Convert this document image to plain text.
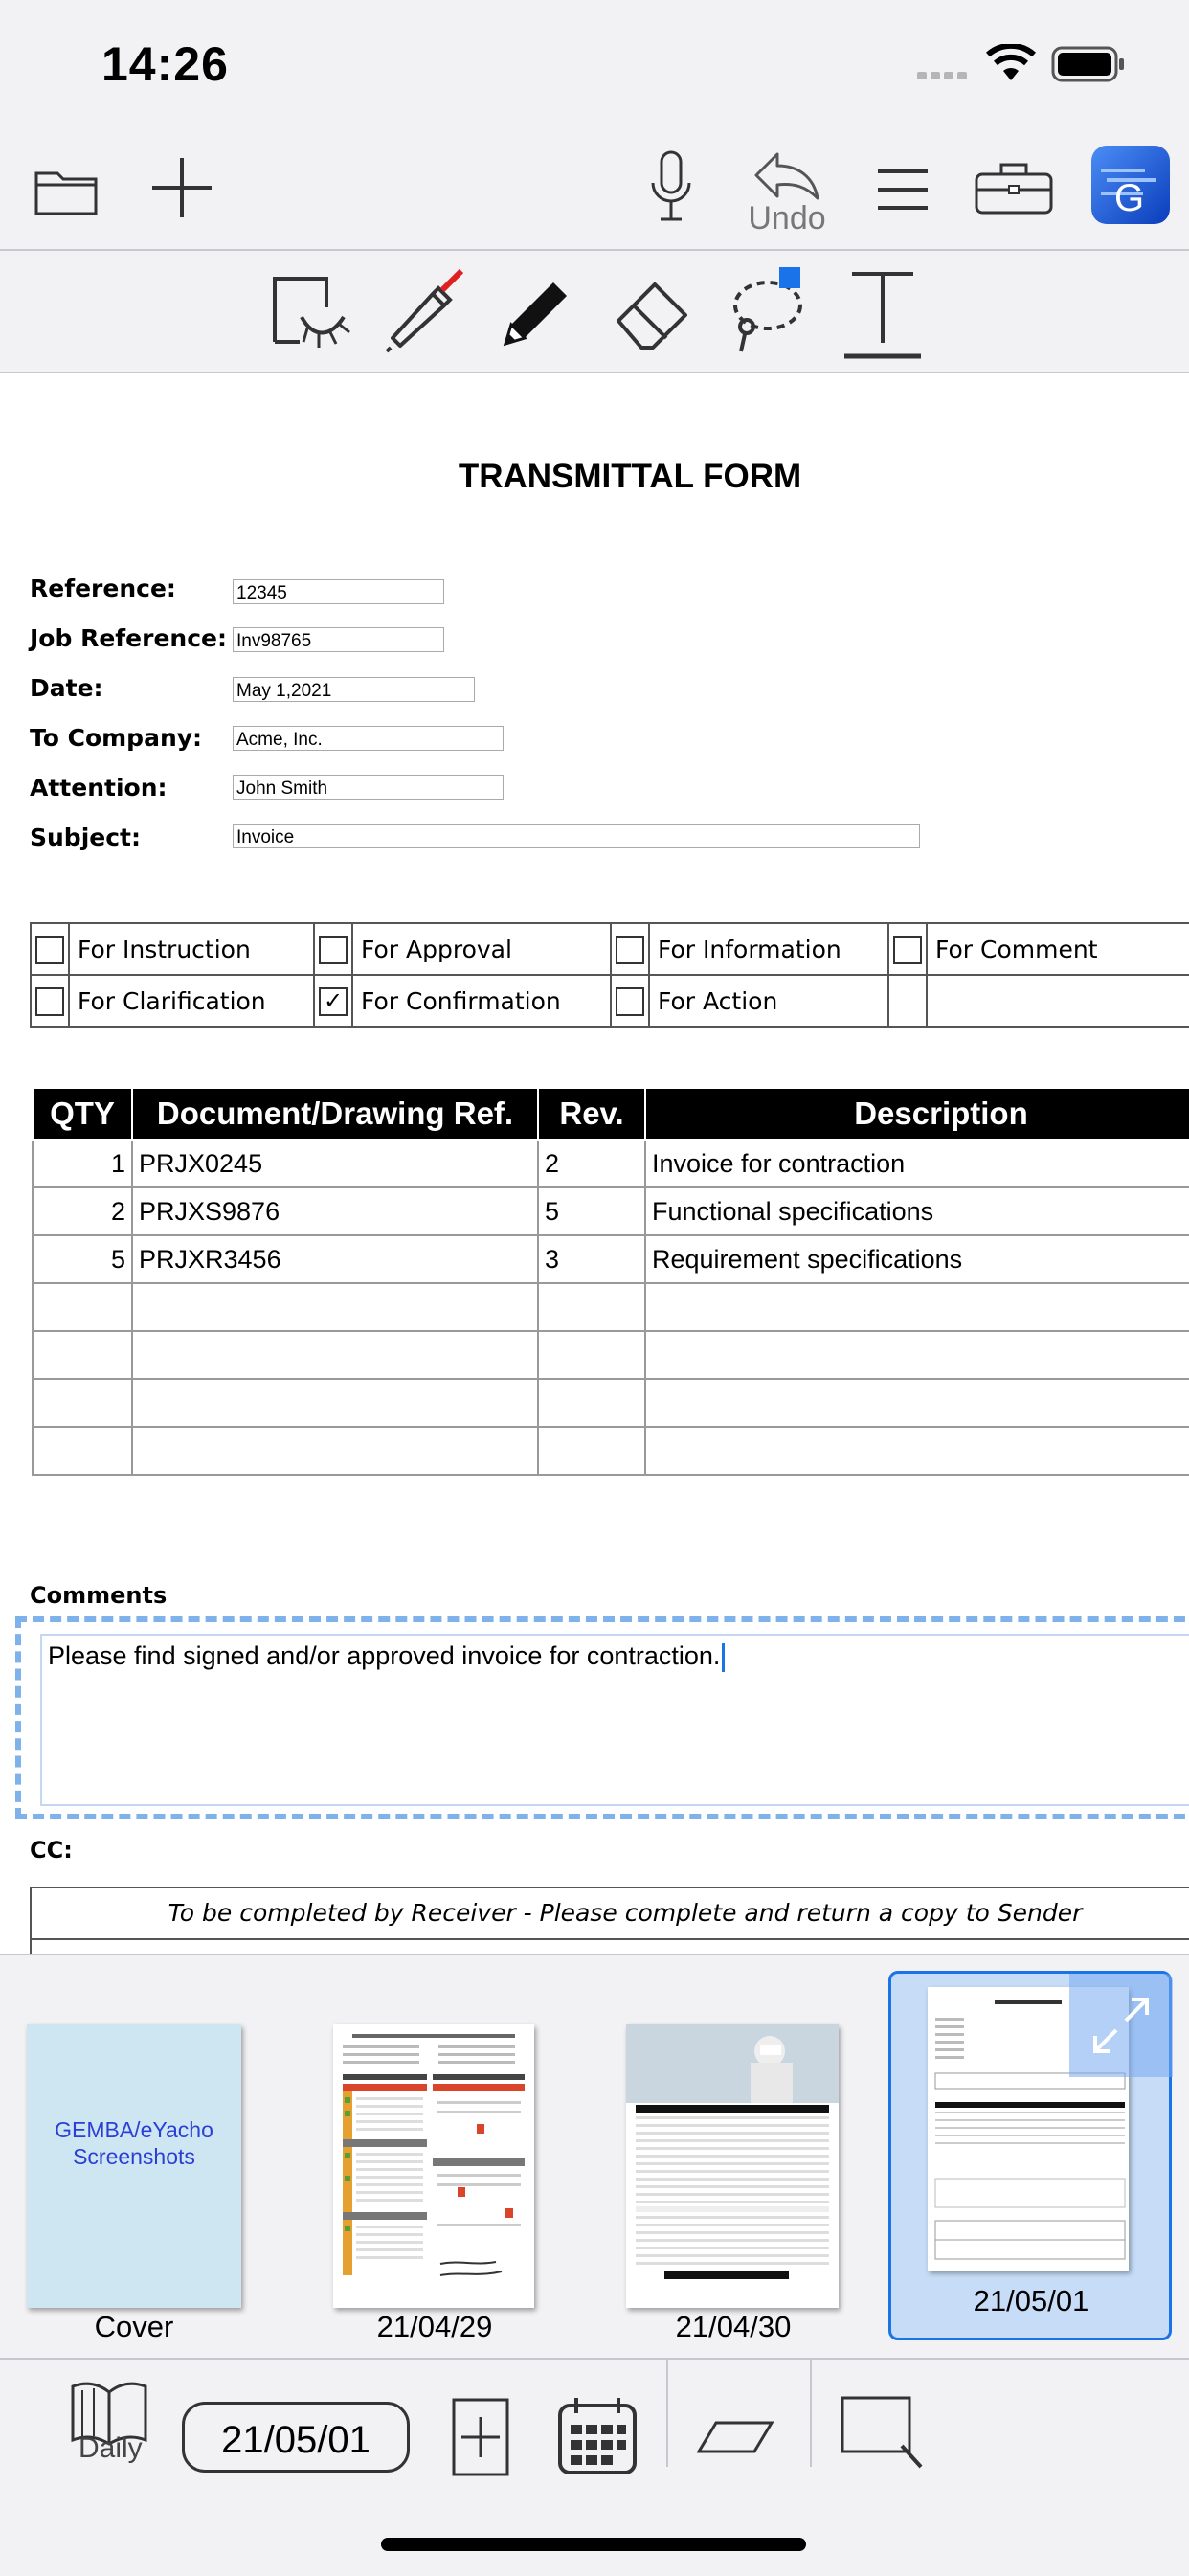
14:26
Undo	G
TRANSMITTAL FORM
Reference:	12345
Job Reference: Inv98765
Date:	May 1,2021
To Company: Acme, Inc.
Attention:	John Smith
Subject:	Invoice
	For Instruction		For Approval		For Information		For Comment
	For Clarification	✓	For Confirmation		For Action		
QTY	Document/Drawing Ref.	Rev.	Description
1	PRJX0245	2	Invoice for contraction
2	PRJXS9876	5	Functional specifications
5	PRJXR3456	3	Requirement specifications

Comments
Please find signed and/or approved invoice for contraction.
CC:
To be completed by Receiver - Please complete and return a copy to Sender
GEMBA/eYacho Screenshots
Cover	21/04/29	21/04/30
21/05/01
Daily	21/05/01
